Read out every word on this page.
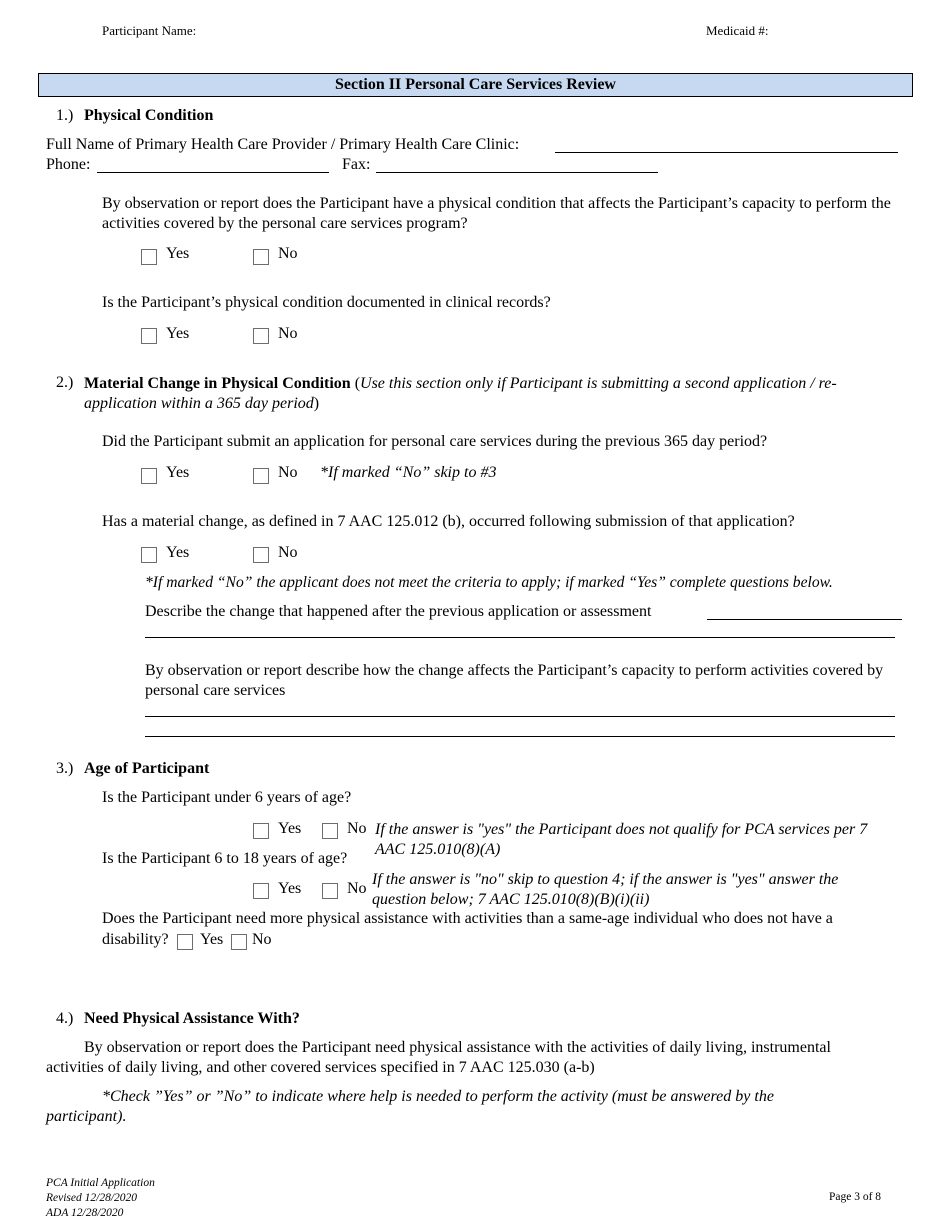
Participant Name:	Medicaid #:
Section II Personal Care Services Review
1.) Physical Condition
Full Name of Primary Health Care Provider / Primary Health Care Clinic:
Phone:	Fax:
By observation or report does the Participant have a physical condition that affects the Participant’s capacity to perform the activities covered by the personal care services program?
Yes	No
Is the Participant’s physical condition documented in clinical records?
Yes	No
2.) Material Change in Physical Condition (Use this section only if Participant is submitting a second application / re-application within a 365 day period)
Did the Participant submit an application for personal care services during the previous 365 day period?
Yes	No *If marked “No” skip to #3
Has a material change, as defined in 7 AAC 125.012 (b), occurred following submission of that application?
Yes	No
*If marked “No” the applicant does not meet the criteria to apply; if marked “Yes” complete questions below.
Describe the change that happened after the previous application or assessment
By observation or report describe how the change affects the Participant’s capacity to perform activities covered by personal care services
3.) Age of Participant
Is the Participant under 6 years of age?
Yes	No If the answer is "yes" the Participant does not qualify for PCA services per 7 AAC 125.010(8)(A)
Is the Participant 6 to 18 years of age?
Yes	No
If the answer is "no" skip to question 4; if the answer is "yes" answer the question below; 7 AAC 125.010(8)(B)(i)(ii)
Does the Participant need more physical assistance with activities than a same-age individual who does not have a
disability? Yes No
4.) Need Physical Assistance With?
By observation or report does the Participant need physical assistance with the activities of daily living, instrumental activities of daily living, and other covered services specified in 7 AAC 125.030 (a-b)
*Check ”Yes” or ”No” to indicate where help is needed to perform the activity (must be answered by the participant).
PCA Initial Application
Revised 12/28/2020
ADA 12/28/2020
Page 3 of 8
